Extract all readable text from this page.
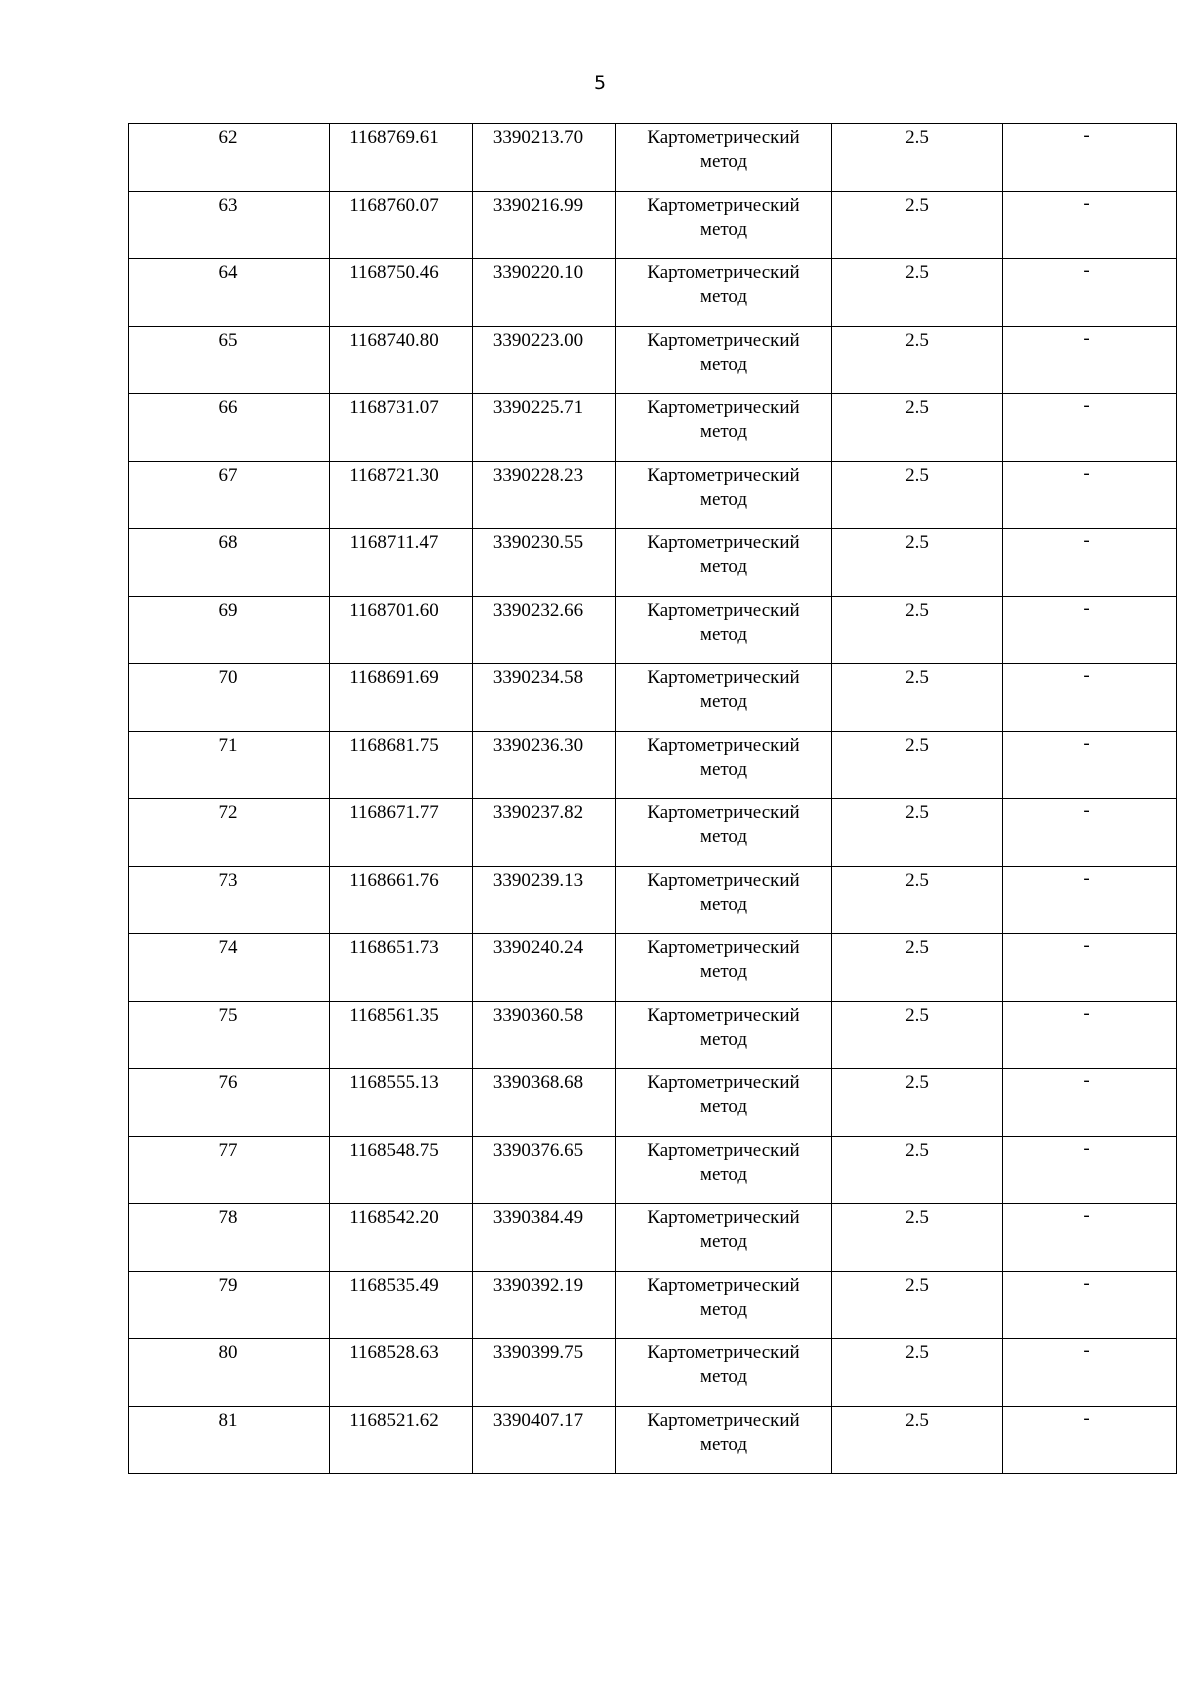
5
62	1168769.61	3390213.70	Картометрический метод	2.5	-

63	1168760.07	3390216.99	Картометрический метод	2.5	-

64	1168750.46	3390220.10	Картометрический метод	2.5	-

65	1168740.80	3390223.00	Картометрический метод	2.5	-

66	1168731.07	3390225.71	Картометрический метод	2.5	-

67	1168721.30	3390228.23	Картометрический метод	2.5	-

68	1168711.47	3390230.55	Картометрический метод	2.5	-

69	1168701.60	3390232.66	Картометрический метод	2.5	-

70	1168691.69	3390234.58	Картометрический метод	2.5	-

71	1168681.75	3390236.30	Картометрический метод	2.5	-

72	1168671.77	3390237.82	Картометрический метод	2.5	-

73	1168661.76	3390239.13	Картометрический метод	2.5	-

74	1168651.73	3390240.24	Картометрический метод	2.5	-

75	1168561.35	3390360.58	Картометрический метод	2.5	-

76	1168555.13	3390368.68	Картометрический метод	2.5	-

77	1168548.75	3390376.65	Картометрический метод	2.5	-

78	1168542.20	3390384.49	Картометрический метод	2.5	-

79	1168535.49	3390392.19	Картометрический метод	2.5	-

80	1168528.63	3390399.75	Картометрический метод	2.5	-

81	1168521.62	3390407.17	Картометрический метод	2.5	-
